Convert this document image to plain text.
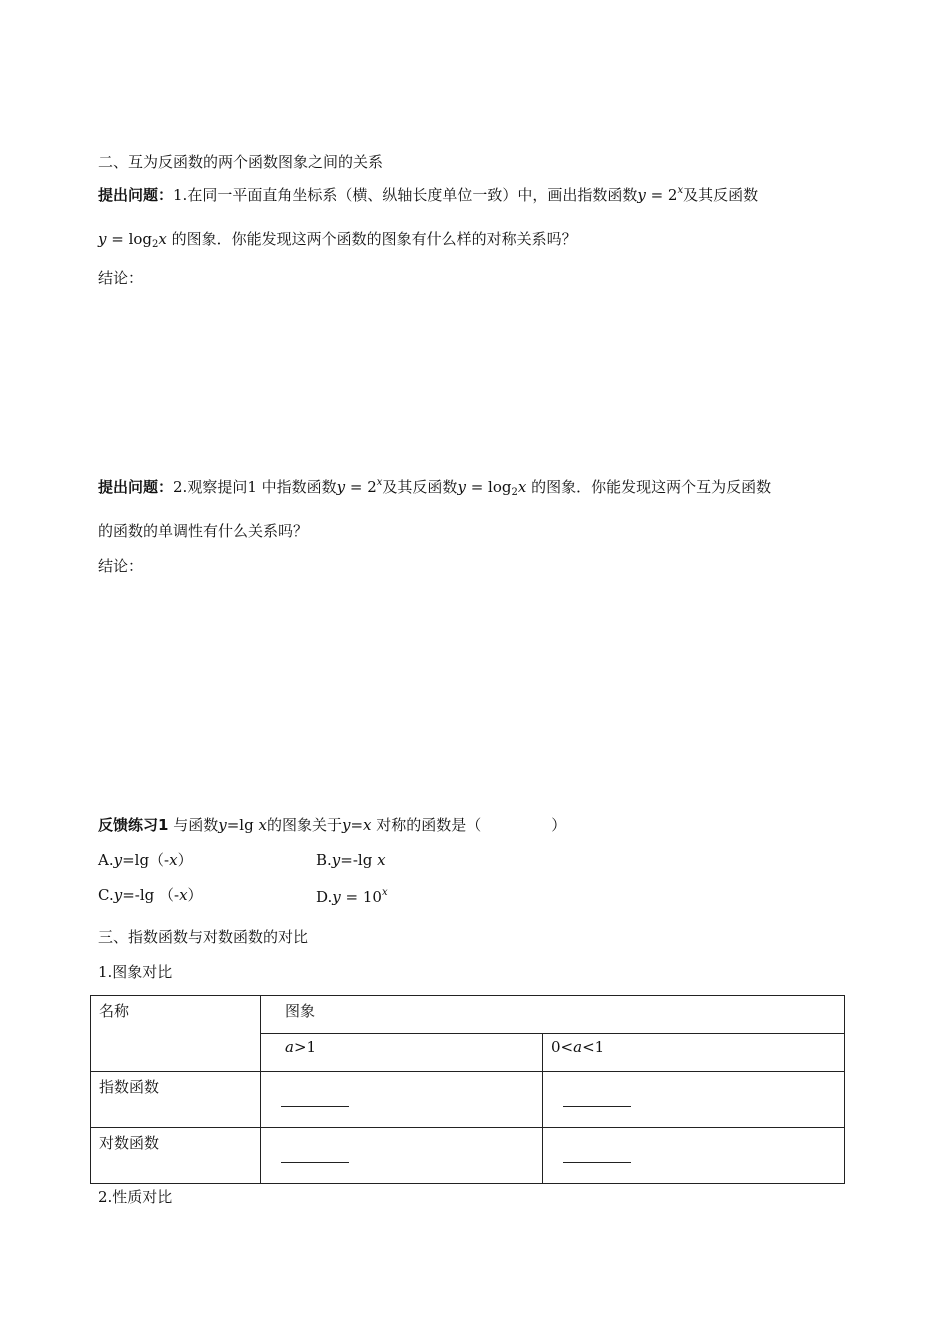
二、互为反函数的两个函数图象之间的关系
提出问题：1.在同一平面直角坐标系（横、纵轴长度单位一致）中，画出指数函数$y = 2^x$及其反函数
$y = \log_2x$ 的图象．你能发现这两个函数的图象有什么样的对称关系吗？
结论：
提出问题：2.观察提问1 中指数函数$y = 2^x$及其反函数$y = \log_2x$ 的图象．你能发现这两个互为反函数
的函数的单调性有什么关系吗？
结论：
反馈练习1 与函数y=lg x的图象关于y=x 对称的函数是（	）
A.y=lg（-x）	B.y=-lg x
C.y=-lg （-x）	$D.y = 10^x$
三、指数函数与对数函数的对比
1.图象对比
名称	图象	
	a>1	0<a<1
指数函数	

对数函数	

2.性质对比
